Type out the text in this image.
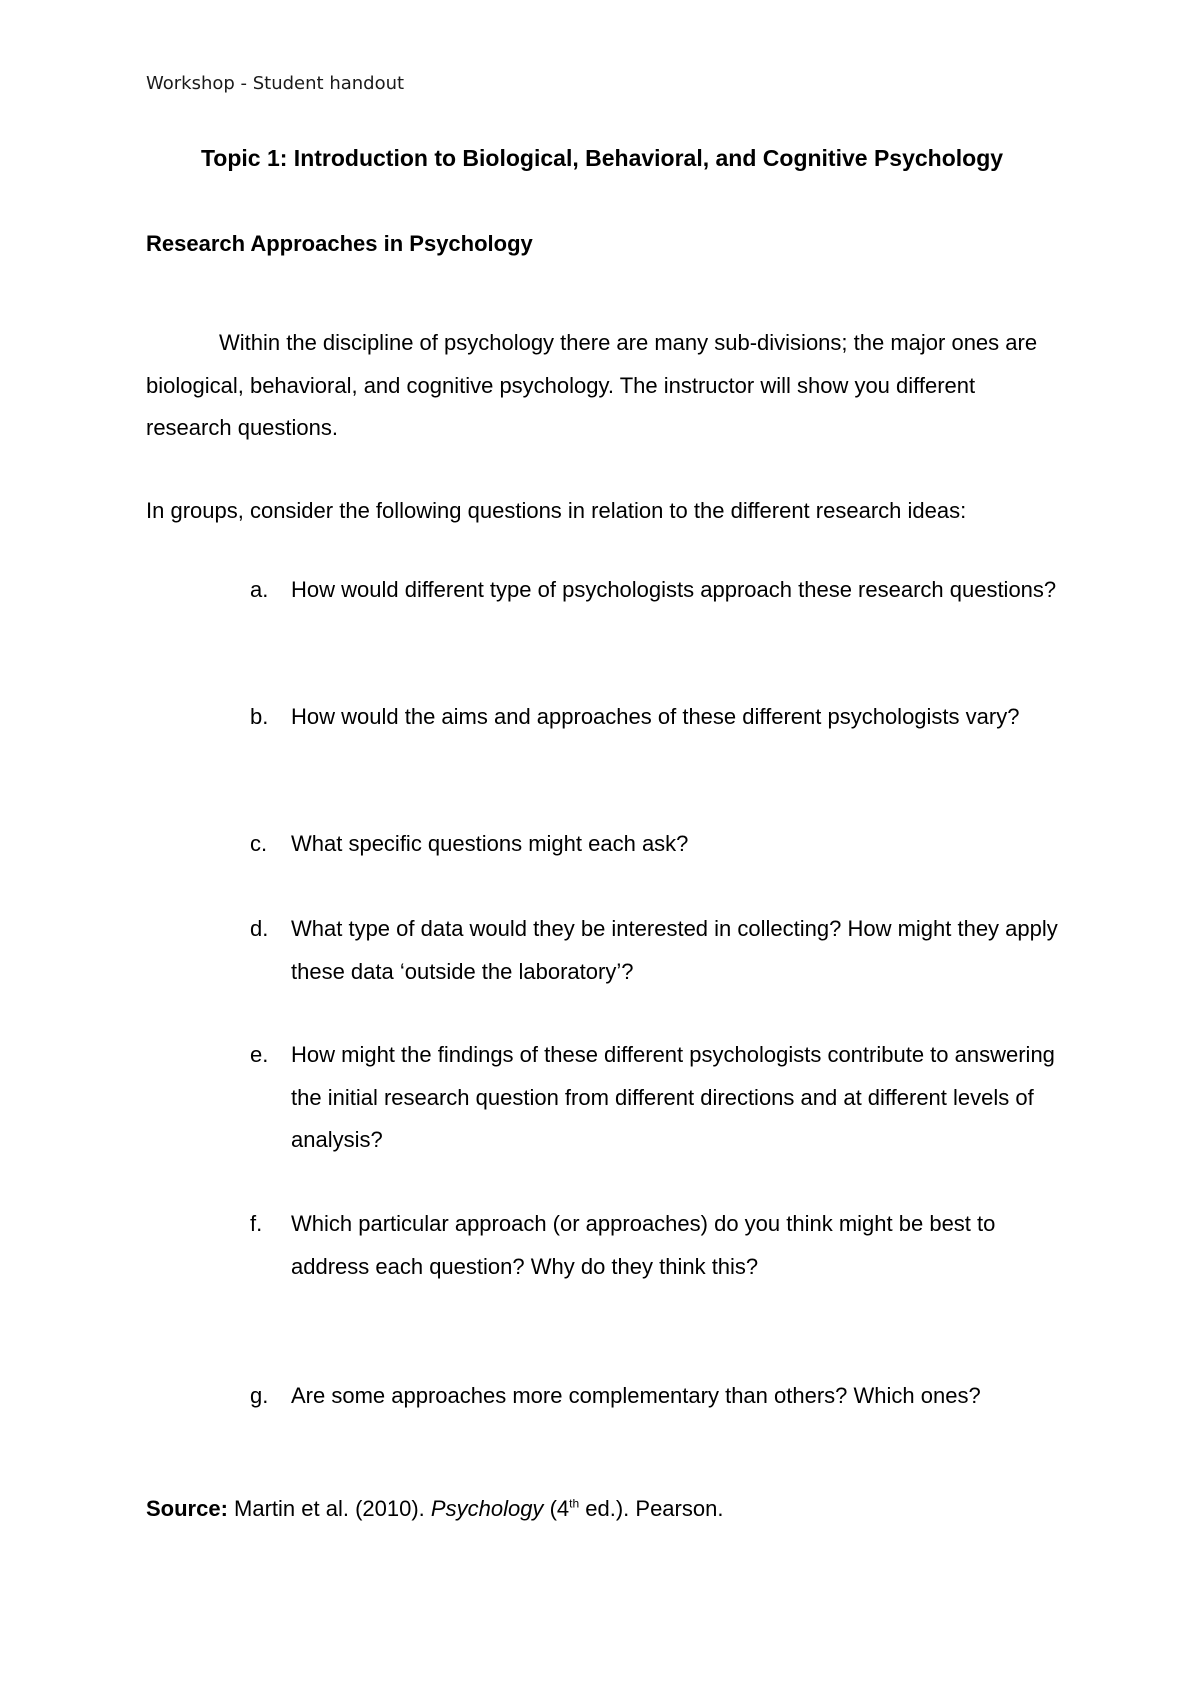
Workshop - Student handout
Topic 1: Introduction to Biological, Behavioral, and Cognitive Psychology
Research Approaches in Psychology

Within the discipline of psychology there are many sub-divisions; the major ones are biological, behavioral, and cognitive psychology. The instructor will show you different research questions.

In groups, consider the following questions in relation to the different research ideas:

a.	How would different type of psychologists approach these research questions?
b.	How would the aims and approaches of these different psychologists vary?
c.	What specific questions might each ask?
d.	What type of data would they be interested in collecting? How might they apply these data ‘outside the laboratory’?
e.	How might the findings of these different psychologists contribute to answering the initial research question from different directions and at different levels of analysis?
f.	Which particular approach (or approaches) do you think might be best to address each question? Why do they think this?
g.	Are some approaches more complementary than others? Which ones?
Source: Martin et al. (2010). Psychology (4th ed.). Pearson.
